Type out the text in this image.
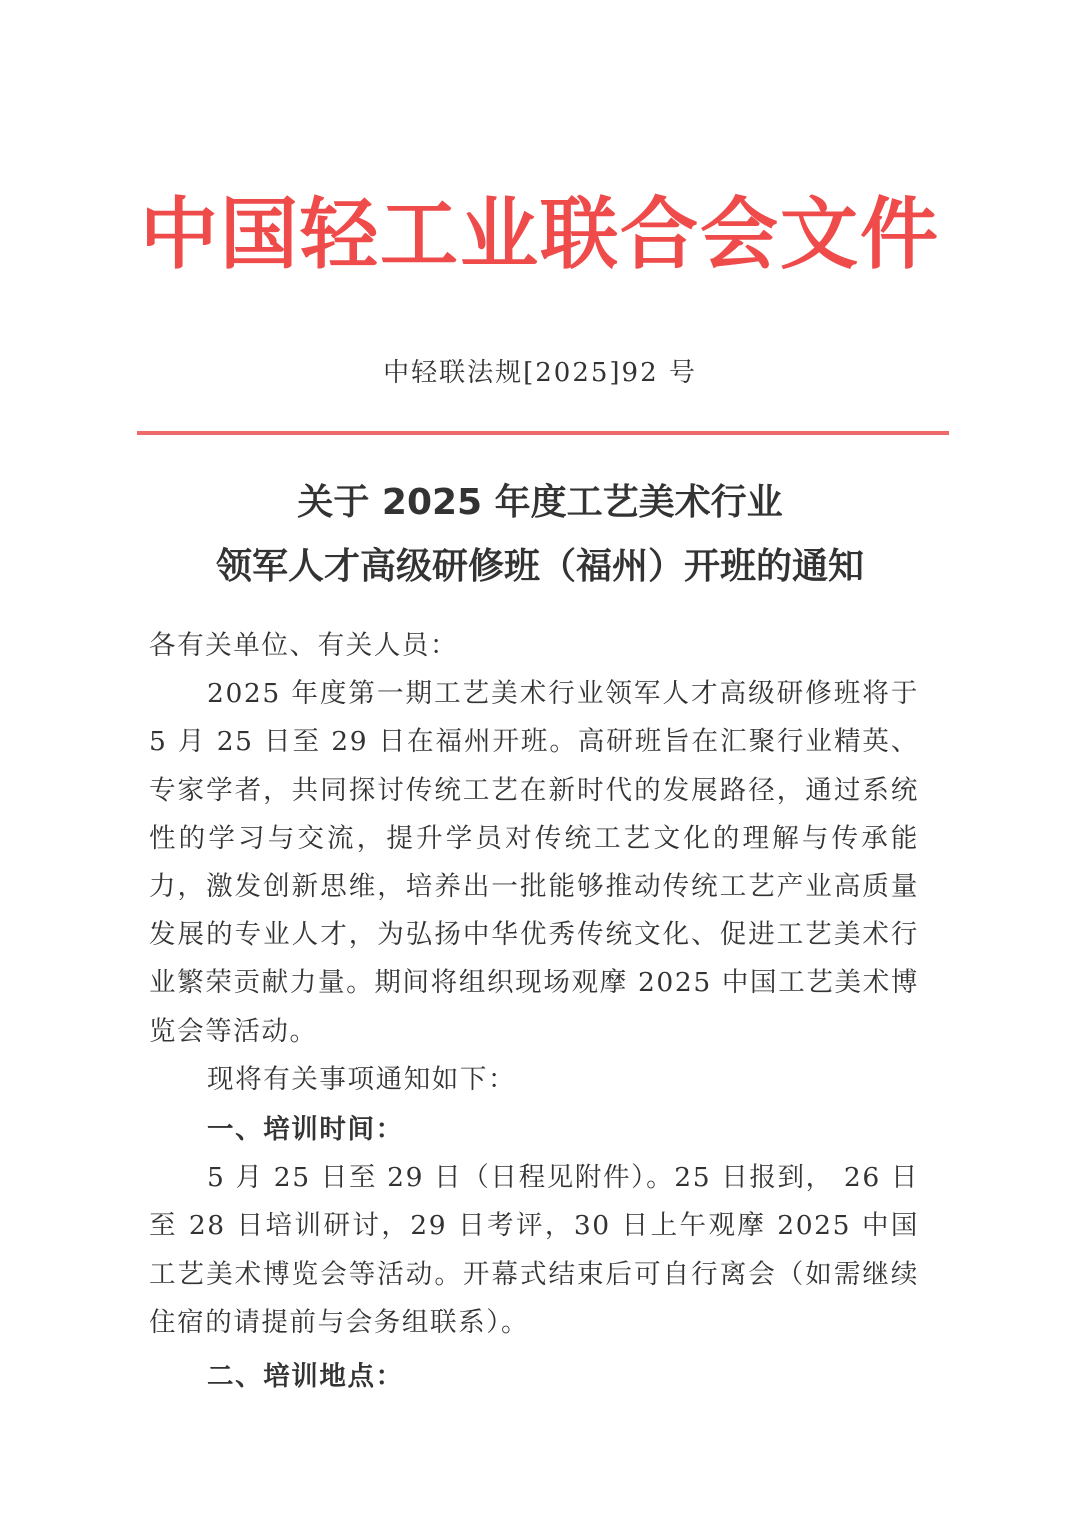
中国轻工业联合会文件
中轻联法规[2025]92 号
关于 2025 年度工艺美术行业
领军人才高级研修班（福州）开班的通知

各有关单位、有关人员：

2025 年度第一期工艺美术行业领军人才高级研修班将于 5 月 25 日至 29 日在福州开班。高研班旨在汇聚行业精英、专家学者，共同探讨传统工艺在新时代的发展路径，通过系统性的学习与交流，提升学员对传统工艺文化的理解与传承能力，激发创新思维，培养出一批能够推动传统工艺产业高质量发展的专业人才，为弘扬中华优秀传统文化、促进工艺美术行业繁荣贡献力量。期间将组织现场观摩 2025 中国工艺美术博览会等活动。

现将有关事项通知如下：

一、培训时间：

5 月 25 日至 29 日（日程见附件）。25 日报到， 26 日至 28 日培训研讨，29 日考评，30 日上午观摩 2025 中国工艺美术博览会等活动。开幕式结束后可自行离会（如需继续住宿的请提前与会务组联系）。

二、培训地点：
